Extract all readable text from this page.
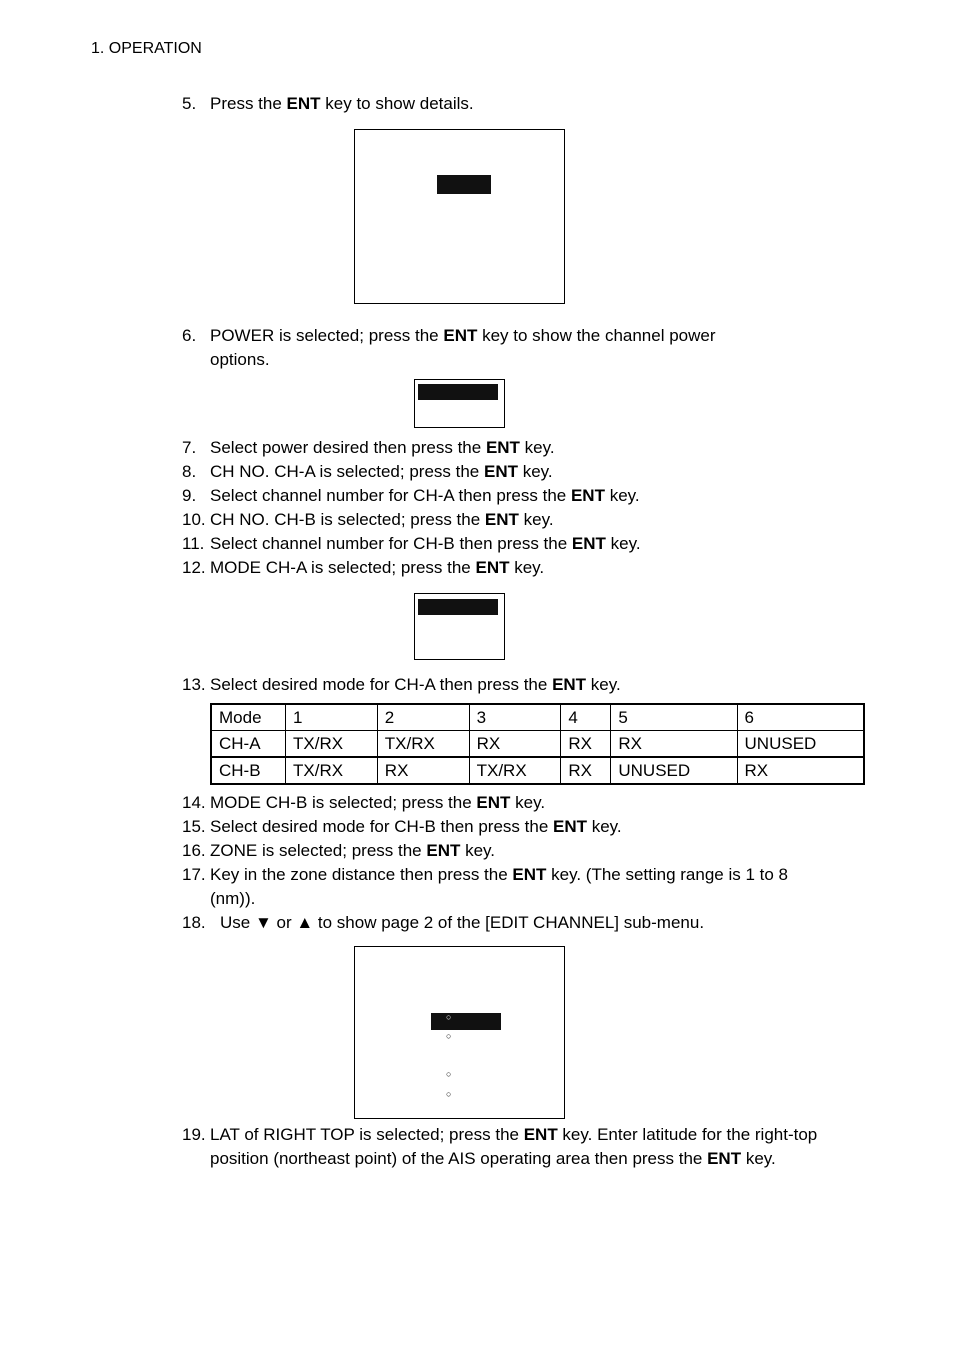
1. OPERATION
5. Press the ENT key to show details.
6. POWER is selected; press the ENT key to show the channel power options.
7. Select power desired then press the ENT key.
8. CH NO. CH-A is selected; press the ENT key.
9. Select channel number for CH-A then press the ENT key.
10. CH NO. CH-B is selected; press the ENT key.
11. Select channel number for CH-B then press the ENT key.
12. MODE CH-A is selected; press the ENT key.
13. Select desired mode for CH-A then press the ENT key.
Mode	1	2	3	4	5	6
CH-A	TX/RX	TX/RX	RX	RX	RX	UNUSED
CH-B	TX/RX	RX	TX/RX	RX	UNUSED	RX
14. MODE CH-B is selected; press the ENT key.
15. Select desired mode for CH-B then press the ENT key.
16. ZONE is selected; press the ENT key.
17. Key in the zone distance then press the ENT key. (The setting range is 1 to 8 (nm)).
18. Use ▼ or ▲ to show page 2 of the [EDIT CHANNEL] sub-menu.
○
○
○
○
19. LAT of RIGHT TOP is selected; press the ENT key. Enter latitude for the right-top position (northeast point) of the AIS operating area then press the ENT key.
